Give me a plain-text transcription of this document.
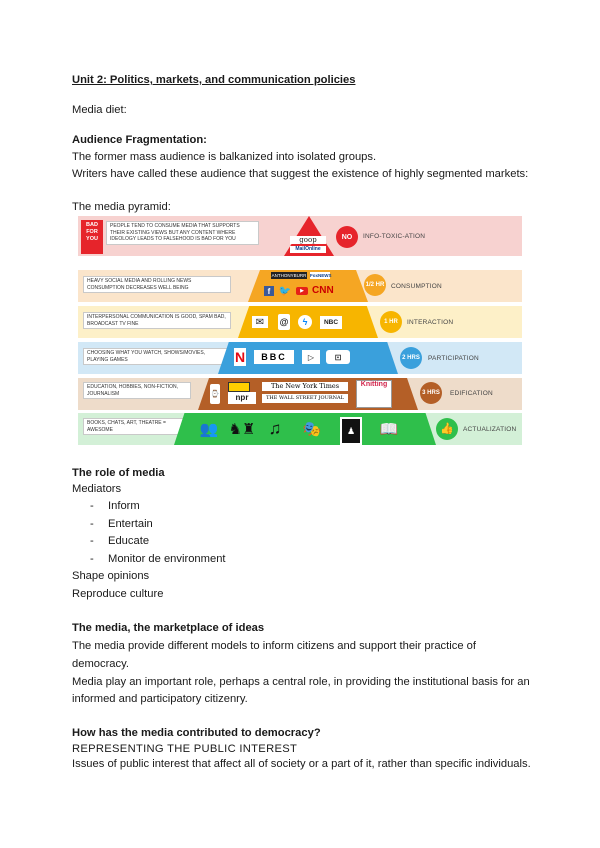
Unit 2: Politics, markets, and communication policies
Media diet:
Audience Fragmentation:
The former mass audience is balkanized into isolated groups.
Writers have called these audience that suggest the existence of highly segmented markets:
The media pyramid:
BAD FOR YOU
PEOPLE TEND TO CONSUME MEDIA THAT SUPPORTS THEIR EXISTING VIEWS BUT ANY CONTENT WHERE IDEOLOGY LEADS TO FALSEHOOD IS BAD FOR YOU	goop
MailOnline
NO	INFO-TOXIC-ATION
HEAVY SOCIAL MEDIA AND ROLLING NEWS CONSUMPTION DECREASES WELL BEING
ANTHONYBURR FoxNEWS
f 🐦	▶ CNN
1/2 HR CONSUMPTION
INTERPERSONAL COMMUNICATION IS GOOD, SPAM BAD, BROADCAST TV FINE	✉	@	ϟ	NBC	1 HR	INTERACTION
CHOOSING WHAT YOU WATCH, SHOWS/MOVIES, PLAYING GAMES	N	BBC	▷	⊡	2 HRS	PARTICIPATION
EDUCATION, HOBBIES, NON-FICTION, JOURNALISM	⌚	npr
The New York Times
THE WALL STREET JOURNAL
Knitting
3 HRS	EDIFICATION
BOOKS, CHATS, ART, THEATRE = AWESOME	👥 ♞♜ ♫	🎭	♟	📖	👍	ACTUALIZATION
The role of media
Mediators
- Inform
- Entertain
- Educate
- Monitor de environment
Shape opinions
Reproduce culture
The media, the marketplace of ideas
The media provide different models to inform citizens and support their practice of
democracy.
Media play an important role, perhaps a central role, in providing the institutional basis for an
informed and participatory citizenry.
How has the media contributed to democracy?
REPRESENTING THE PUBLIC INTEREST
Issues of public interest that affect all of society or a part of it, rather than specific individuals.
